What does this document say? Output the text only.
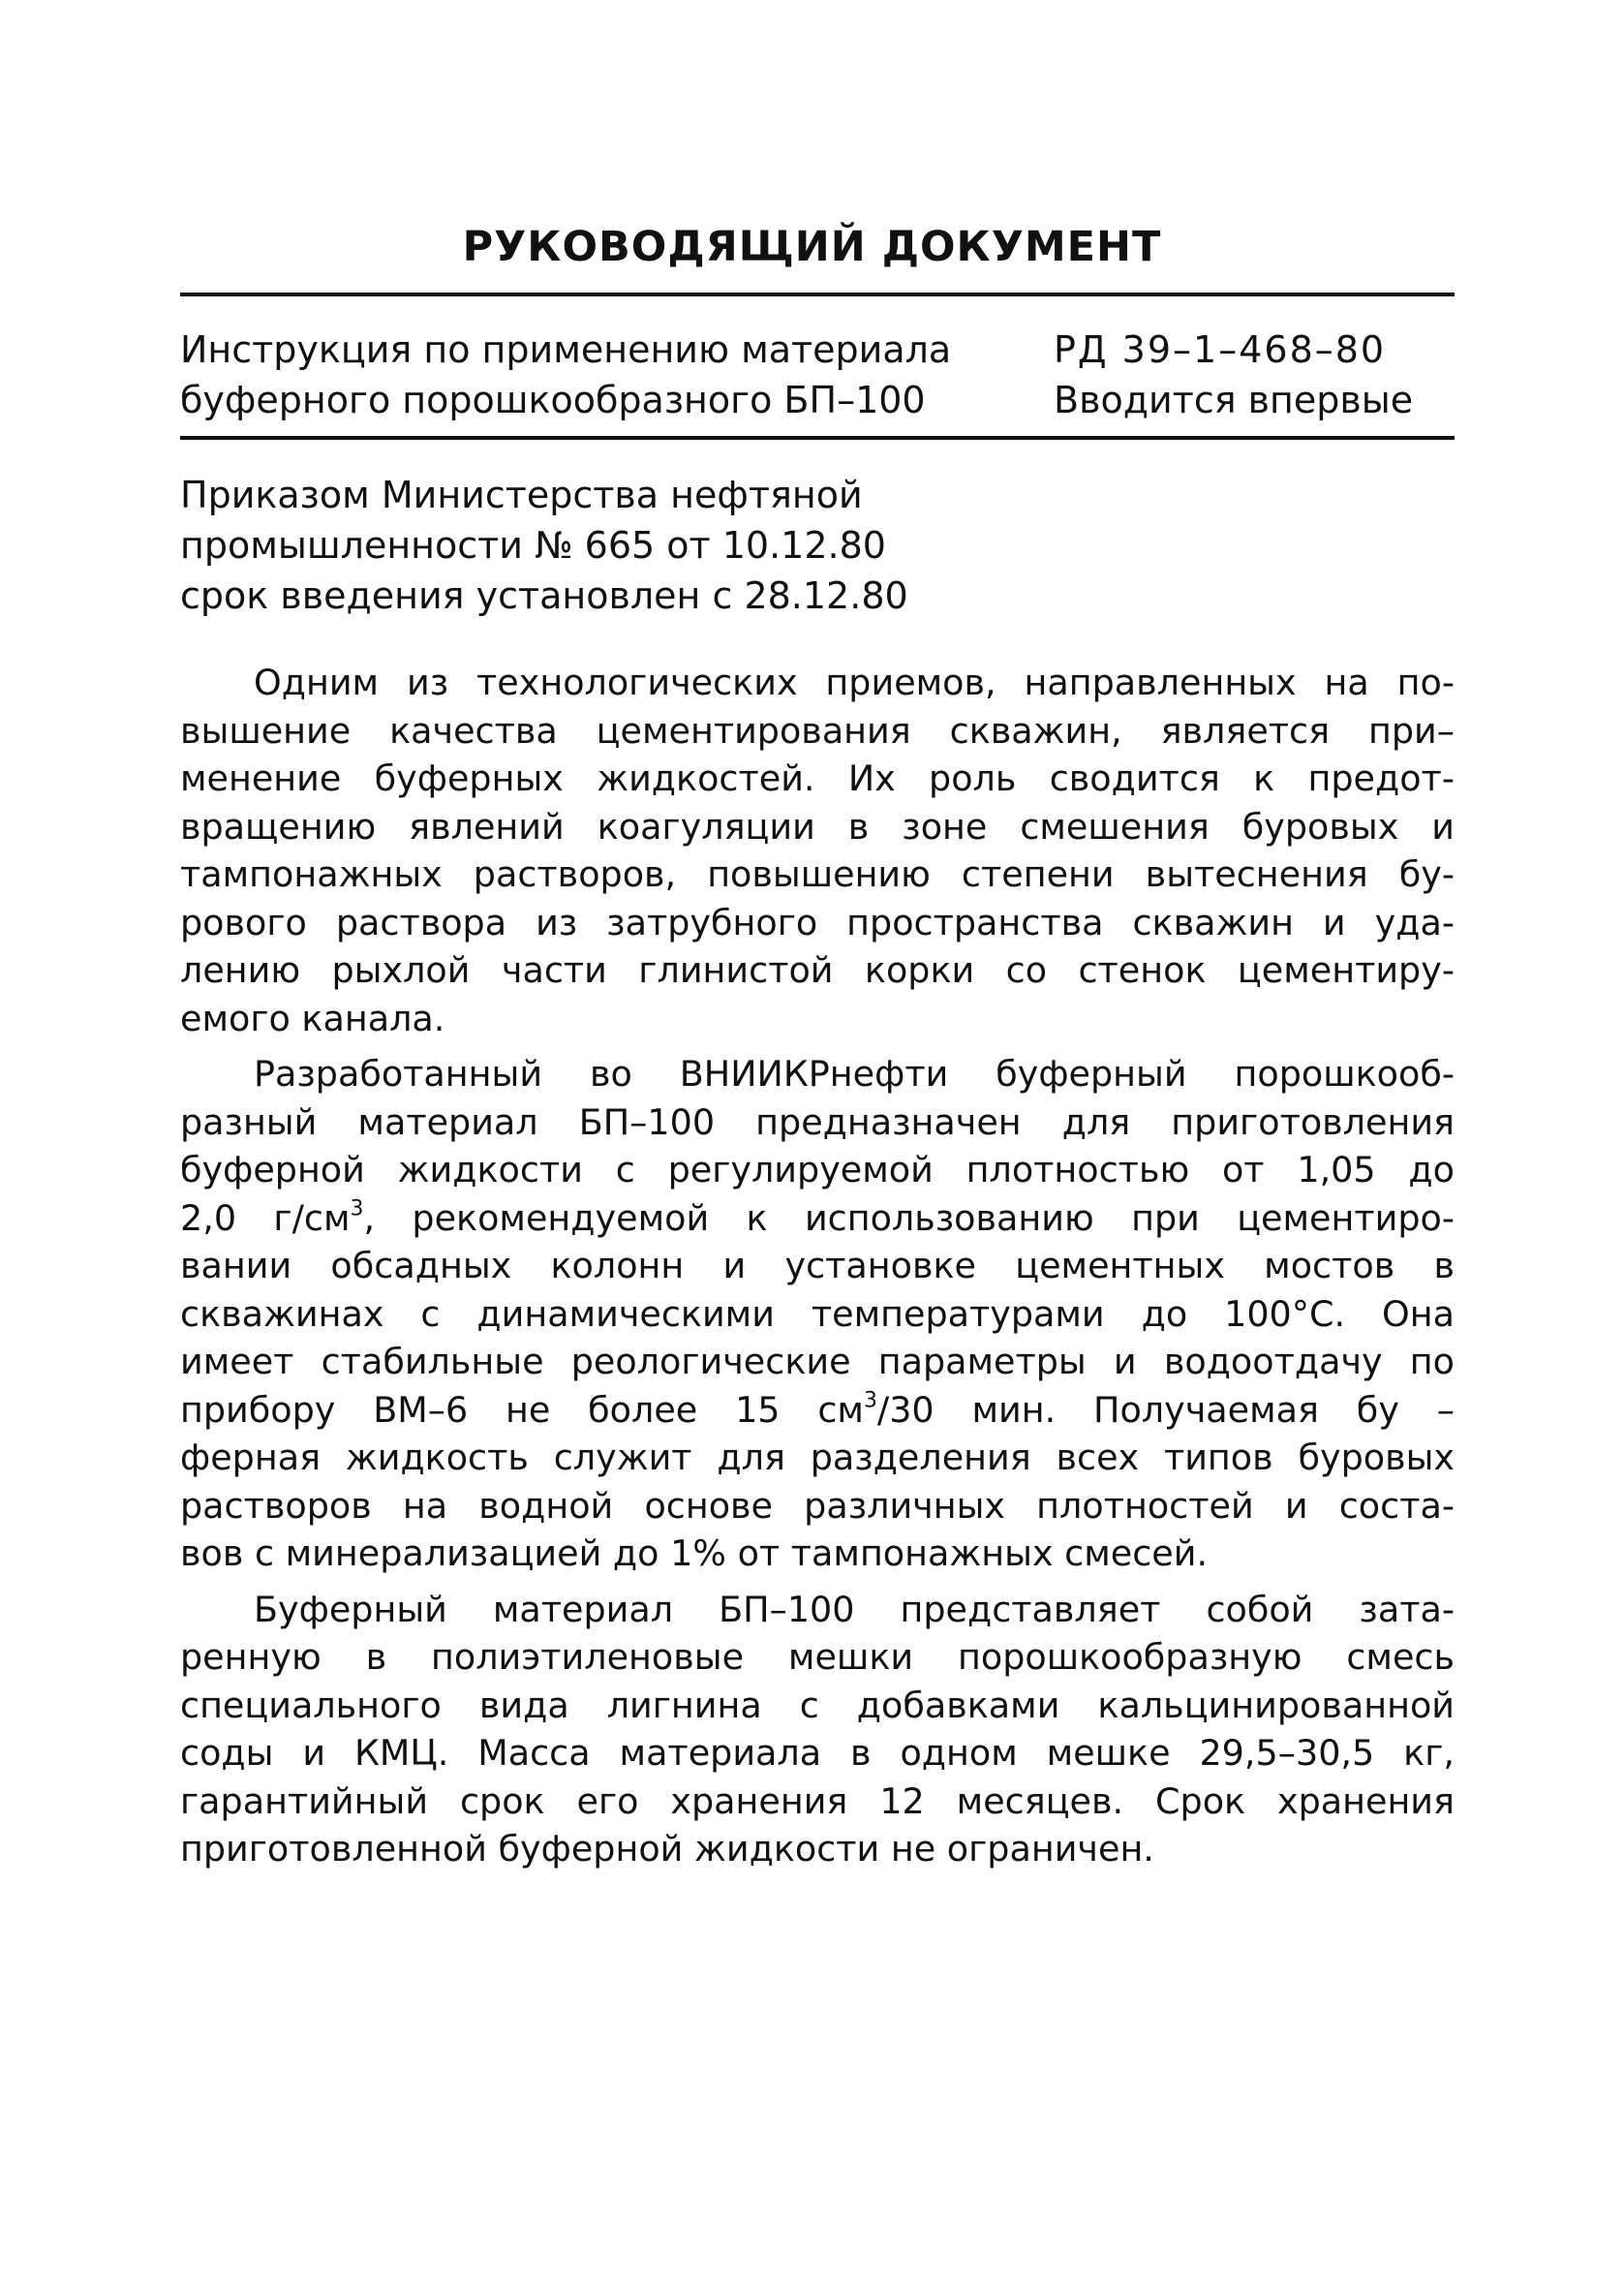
РУКОВОДЯЩИЙ ДОКУМЕНТ
Инструкция по применению материала
буферного порошкообразного БП–100
РД 39–1–468–80
Вводится впервые
Приказом Министерства нефтяной
промышленности № 665 от 10.12.80
срок введения установлен с 28.12.80
Одним из технологических приемов, направленных на по-
вышение качества цементирования скважин, является при–
менение буферных жидкостей. Их роль сводится к предот-
вращению явлений коагуляции в зоне смешения буровых и
тампонажных растворов, повышению степени вытеснения бу-
рового раствора из затрубного пространства скважин и уда-
лению рыхлой части глинистой корки со стенок цементиру-
емого канала.
Разработанный во ВНИИКРнефти буферный порошкооб-
разный материал БП–100 предназначен для приготовления
буферной жидкости с регулируемой плотностью от 1,05 до
2,0 $г/см^3$, рекомендуемой к использованию при цементиро-
вании обсадных колонн и установке цементных мостов в
скважинах с динамическими температурами до 100°С. Она
имеет стабильные реологические параметры и водоотдачу по
прибору ВМ–6 не более 15 $см^3/30$ мин. Получаемая бу –
ферная жидкость служит для разделения всех типов буровых
растворов на водной основе различных плотностей и соста-
вов с минерализацией до 1% от тампонажных смесей.
Буферный материал БП–100 представляет собой зата-
ренную в полиэтиленовые мешки порошкообразную смесь
специального вида лигнина с добавками кальцинированной
соды и КМЦ. Масса материала в одном мешке 29,5–30,5 кг,
гарантийный срок его хранения 12 месяцев. Срок хранения
приготовленной буферной жидкости не ограничен.
